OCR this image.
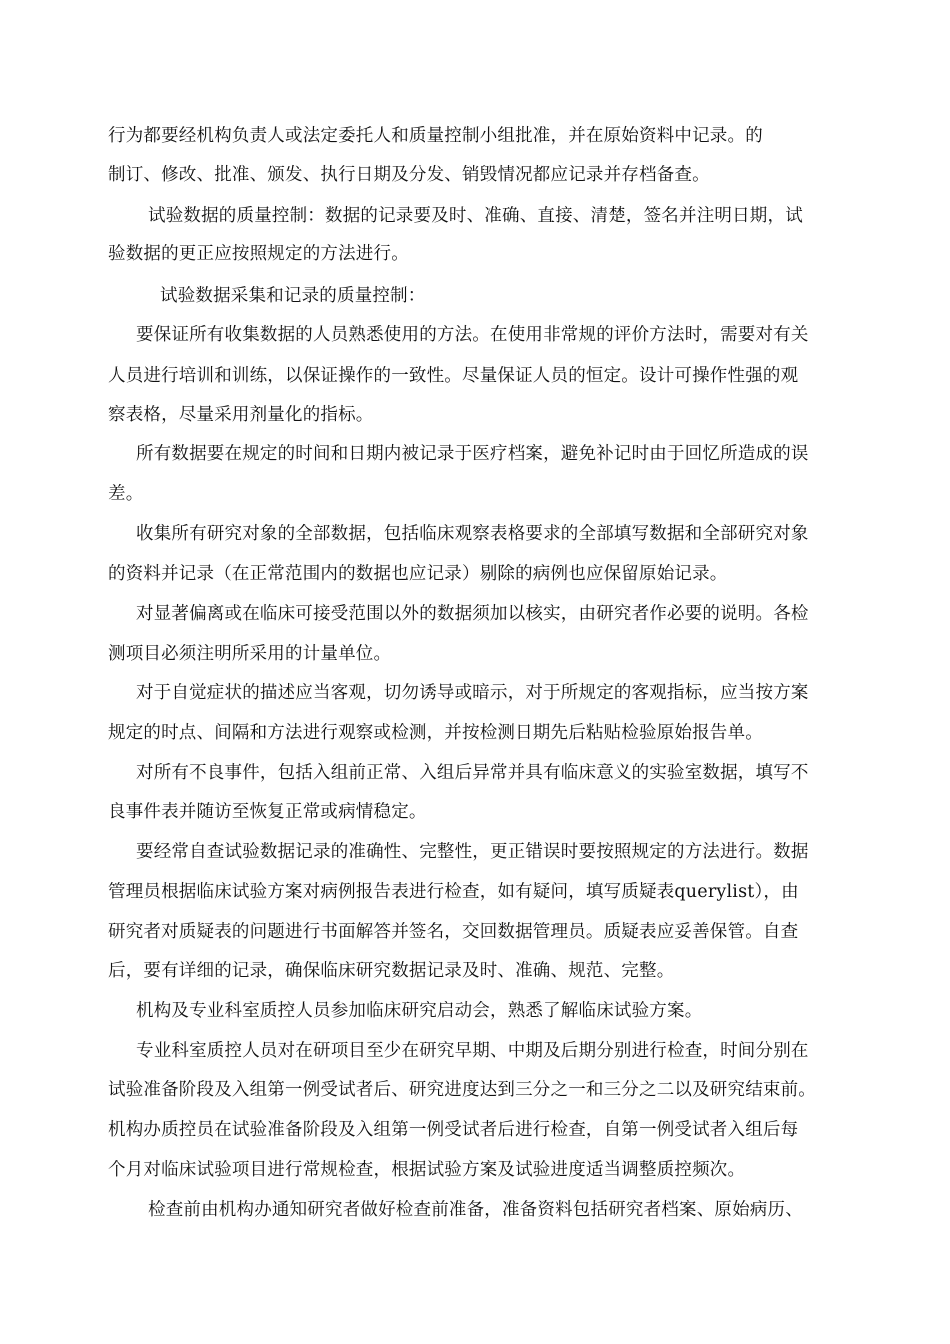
行为都要经机构负责人或法定委托人和质量控制小组批准，并在原始资料中记录。的
制订、修改、批准、颁发、执行日期及分发、销毁情况都应记录并存档备查。
试验数据的质量控制：数据的记录要及时、准确、直接、清楚，签名并注明日期，试
验数据的更正应按照规定的方法进行。
试验数据采集和记录的质量控制：
要保证所有收集数据的人员熟悉使用的方法。在使用非常规的评价方法时，需要对有关
人员进行培训和训练，以保证操作的一致性。尽量保证人员的恒定。设计可操作性强的观
察表格，尽量采用剂量化的指标。
所有数据要在规定的时间和日期内被记录于医疗档案，避免补记时由于回忆所造成的误
差。
收集所有研究对象的全部数据，包括临床观察表格要求的全部填写数据和全部研究对象
的资料并记录（在正常范围内的数据也应记录）剔除的病例也应保留原始记录。
对显著偏离或在临床可接受范围以外的数据须加以核实，由研究者作必要的说明。各检
测项目必须注明所采用的计量单位。
对于自觉症状的描述应当客观，切勿诱导或暗示，对于所规定的客观指标，应当按方案
规定的时点、间隔和方法进行观察或检测，并按检测日期先后粘贴检验原始报告单。
对所有不良事件，包括入组前正常、入组后异常并具有临床意义的实验室数据，填写不
良事件表并随访至恢复正常或病情稳定。
要经常自查试验数据记录的准确性、完整性，更正错误时要按照规定的方法进行。数据
管理员根据临床试验方案对病例报告表进行检查，如有疑问，填写质疑表querylist），由
研究者对质疑表的问题进行书面解答并签名，交回数据管理员。质疑表应妥善保管。自查
后，要有详细的记录，确保临床研究数据记录及时、准确、规范、完整。
机构及专业科室质控人员参加临床研究启动会，熟悉了解临床试验方案。
专业科室质控人员对在研项目至少在研究早期、中期及后期分别进行检查，时间分别在
试验准备阶段及入组第一例受试者后、研究进度达到三分之一和三分之二以及研究结束前。
机构办质控员在试验准备阶段及入组第一例受试者后进行检查，自第一例受试者入组后每
个月对临床试验项目进行常规检查，根据试验方案及试验进度适当调整质控频次。
检查前由机构办通知研究者做好检查前准备，准备资料包括研究者档案、原始病历、
